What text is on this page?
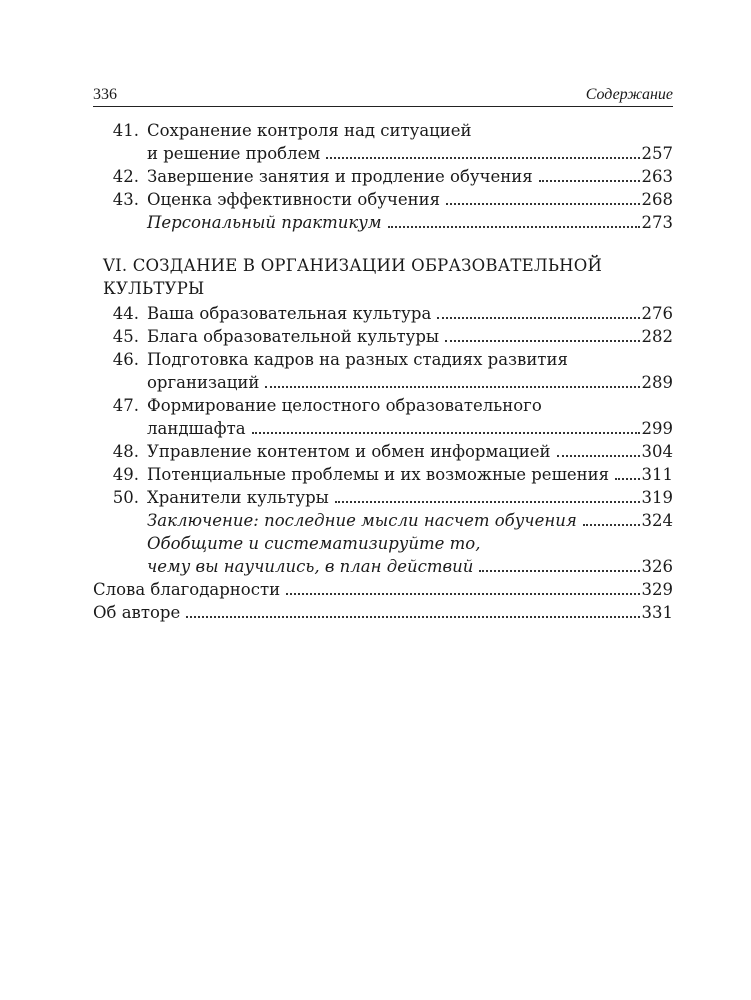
336	Содержание
41. Сохранение контроля над ситуацией
и решение проблем	257
42. Завершение занятия и продление обучения	263
43. Оценка эффективности обучения	268
Персональный практикум	273
VI. СОЗДАНИЕ В ОРГАНИЗАЦИИ ОБРАЗОВАТЕЛЬНОЙ КУЛЬТУРЫ
44. Ваша образовательная культура	276
45. Блага образовательной культуры	282
46. Подготовка кадров на разных стадиях развития
организаций	289
47. Формирование целостного образовательного
ландшафта	299
48. Управление контентом и обмен информацией	304
49. Потенциальные проблемы и их возможные решения 311
50. Хранители культуры	319
Заключение: последние мысли насчет обучения	324
Обобщите и систематизируйте то,
чему вы научились, в план действий	326
Слова благодарности	329
Об авторе	331
